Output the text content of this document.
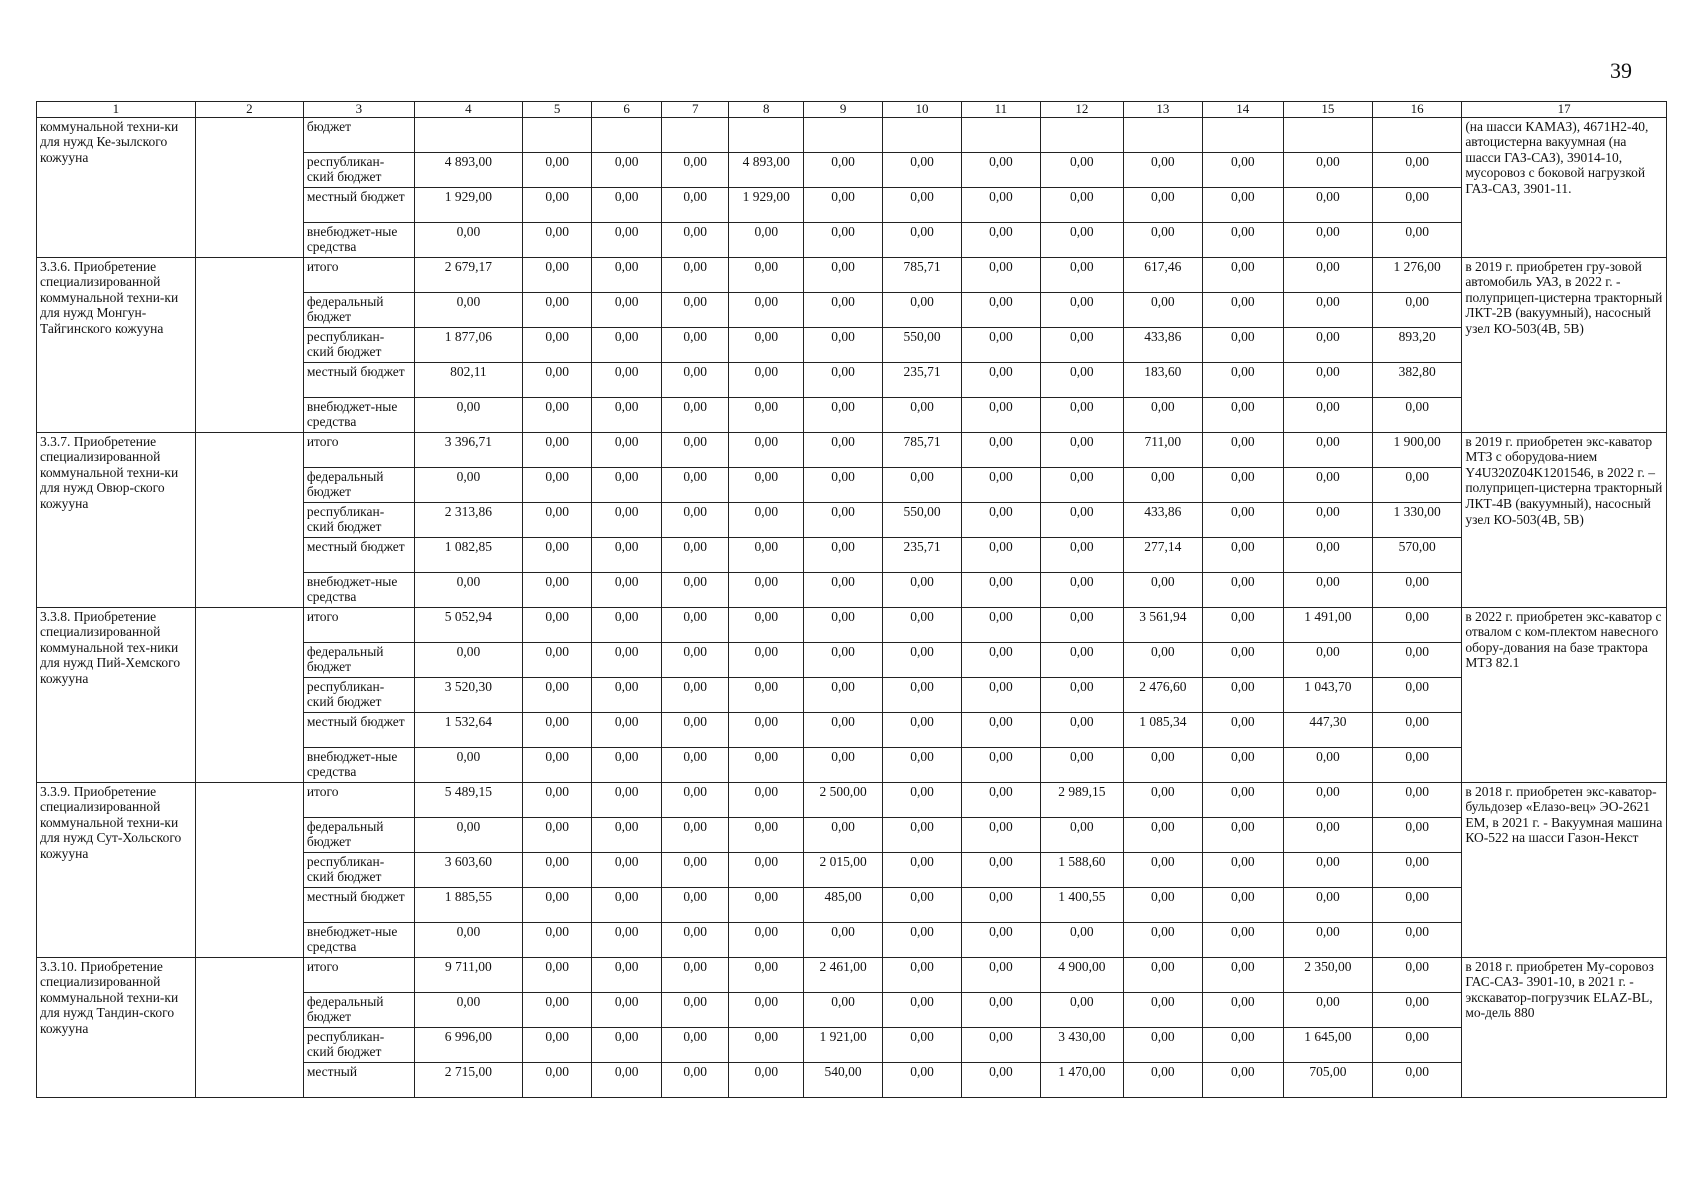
39
1	2	3	4	5	6	7	8	9	10	11	12	13	14	15	16	17
коммунальной техни-ки для нужд Ке-зылского кожууна		бюджет														(на шасси КАМАЗ), 4671H2-40, автоцистерна вакуумная (на шасси ГАЗ-САЗ), 39014-10, мусоровоз с боковой нагрузкой ГАЗ-САЗ, 3901-11.
		республикан-ский бюджет	4 893,00	0,00	0,00	0,00	4 893,00	0,00	0,00	0,00	0,00	0,00	0,00	0,00	0,00	
		местный бюджет	1 929,00	0,00	0,00	0,00	1 929,00	0,00	0,00	0,00	0,00	0,00	0,00	0,00	0,00	
		внебюджет-ные средства	0,00	0,00	0,00	0,00	0,00	0,00	0,00	0,00	0,00	0,00	0,00	0,00	0,00	
3.3.6. Приобретение специализированной коммунальной техни-ки для нужд Монгун-Тайгинского кожууна		итого	2 679,17	0,00	0,00	0,00	0,00	0,00	785,71	0,00	0,00	617,46	0,00	0,00	1 276,00	в 2019 г. приобретен гру-зовой автомобиль УАЗ, в 2022 г. - полуприцеп-цистерна тракторный ЛКТ-2В (вакуумный), насосный узел КО-503(4В, 5В)
		федеральный бюджет	0,00	0,00	0,00	0,00	0,00	0,00	0,00	0,00	0,00	0,00	0,00	0,00	0,00	
		республикан-ский бюджет	1 877,06	0,00	0,00	0,00	0,00	0,00	550,00	0,00	0,00	433,86	0,00	0,00	893,20	
		местный бюджет	802,11	0,00	0,00	0,00	0,00	0,00	235,71	0,00	0,00	183,60	0,00	0,00	382,80	
		внебюджет-ные средства	0,00	0,00	0,00	0,00	0,00	0,00	0,00	0,00	0,00	0,00	0,00	0,00	0,00	
3.3.7. Приобретение специализированной коммунальной техни-ки для нужд Овюр-ского кожууна		итого	3 396,71	0,00	0,00	0,00	0,00	0,00	785,71	0,00	0,00	711,00	0,00	0,00	1 900,00	в 2019 г. приобретен экс-каватор МТЗ с оборудова-нием Y4U320Z04K1201546, в 2022 г. – полуприцеп-цистерна тракторный ЛКТ-4В (вакуумный), насосный узел КО-503(4В, 5В)
		федеральный бюджет	0,00	0,00	0,00	0,00	0,00	0,00	0,00	0,00	0,00	0,00	0,00	0,00	0,00	
		республикан-ский бюджет	2 313,86	0,00	0,00	0,00	0,00	0,00	550,00	0,00	0,00	433,86	0,00	0,00	1 330,00	
		местный бюджет	1 082,85	0,00	0,00	0,00	0,00	0,00	235,71	0,00	0,00	277,14	0,00	0,00	570,00	
		внебюджет-ные средства	0,00	0,00	0,00	0,00	0,00	0,00	0,00	0,00	0,00	0,00	0,00	0,00	0,00	
3.3.8. Приобретение специализированной коммунальной тех-ники для нужд Пий-Хемского кожууна		итого	5 052,94	0,00	0,00	0,00	0,00	0,00	0,00	0,00	0,00	3 561,94	0,00	1 491,00	0,00	в 2022 г. приобретен экс-каватор с отвалом с ком-плектом навесного обору-дования на базе трактора МТЗ 82.1
		федеральный бюджет	0,00	0,00	0,00	0,00	0,00	0,00	0,00	0,00	0,00	0,00	0,00	0,00	0,00	
		республикан-ский бюджет	3 520,30	0,00	0,00	0,00	0,00	0,00	0,00	0,00	0,00	2 476,60	0,00	1 043,70	0,00	
		местный бюджет	1 532,64	0,00	0,00	0,00	0,00	0,00	0,00	0,00	0,00	1 085,34	0,00	447,30	0,00	
		внебюджет-ные средства	0,00	0,00	0,00	0,00	0,00	0,00	0,00	0,00	0,00	0,00	0,00	0,00	0,00	
3.3.9. Приобретение специализированной коммунальной техни-ки для нужд Сут-Хольского кожууна		итого	5 489,15	0,00	0,00	0,00	0,00	2 500,00	0,00	0,00	2 989,15	0,00	0,00	0,00	0,00	в 2018 г. приобретен экс-каватор-бульдозер «Елазо-вец» ЭО-2621 ЕМ, в 2021 г. - Вакуумная машина КО-522 на шасси Газон-Некст
		федеральный бюджет	0,00	0,00	0,00	0,00	0,00	0,00	0,00	0,00	0,00	0,00	0,00	0,00	0,00	
		республикан-ский бюджет	3 603,60	0,00	0,00	0,00	0,00	2 015,00	0,00	0,00	1 588,60	0,00	0,00	0,00	0,00	
		местный бюджет	1 885,55	0,00	0,00	0,00	0,00	485,00	0,00	0,00	1 400,55	0,00	0,00	0,00	0,00	
		внебюджет-ные средства	0,00	0,00	0,00	0,00	0,00	0,00	0,00	0,00	0,00	0,00	0,00	0,00	0,00	
3.3.10. Приобретение специализированной коммунальной техни-ки для нужд Тандин-ского кожууна		итого	9 711,00	0,00	0,00	0,00	0,00	2 461,00	0,00	0,00	4 900,00	0,00	0,00	2 350,00	0,00	в 2018 г. приобретен Му-соровоз ГАС-САЗ- 3901-10, в 2021 г. - экскаватор-погрузчик ELAZ-BL, мо-дель 880
		федеральный бюджет	0,00	0,00	0,00	0,00	0,00	0,00	0,00	0,00	0,00	0,00	0,00	0,00	0,00	
		республикан-ский бюджет	6 996,00	0,00	0,00	0,00	0,00	1 921,00	0,00	0,00	3 430,00	0,00	0,00	1 645,00	0,00	
		местный	2 715,00	0,00	0,00	0,00	0,00	540,00	0,00	0,00	1 470,00	0,00	0,00	705,00	0,00	
